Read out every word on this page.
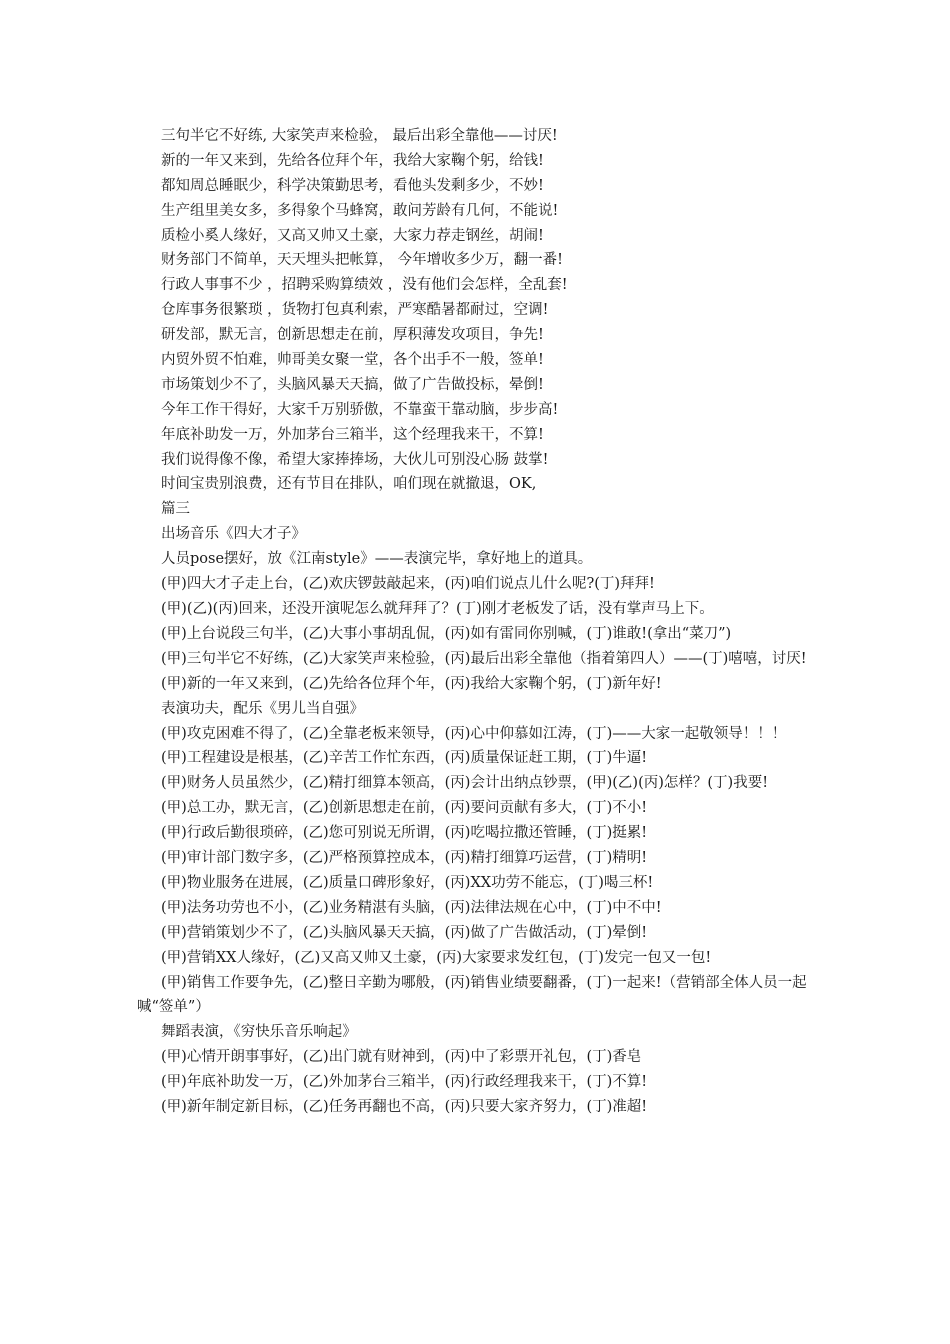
三句半它不好练, 大家笑声来检验， 最后出彩全靠他——讨厌!
新的一年又来到，先给各位拜个年，我给大家鞠个躬，给钱!
都知周总睡眠少，科学决策勤思考，看他头发剩多少，不妙!
生产组里美女多，多得象个马蜂窝，敢问芳龄有几何，不能说!
质检小奚人缘好，又高又帅又土豪，大家力荐走钢丝，胡闹!
财务部门不简单，天天埋头把帐算， 今年增收多少万，翻一番!
行政人事事不少 ，招聘采购算绩效 ，没有他们会怎样，全乱套!
仓库事务很繁琐 ，货物打包真利索，严寒酷暑都耐过，空调!
研发部，默无言，创新思想走在前，厚积薄发攻项目，争先!
内贸外贸不怕难，帅哥美女聚一堂，各个出手不一般，签单!
市场策划少不了，头脑风暴天天搞，做了广告做投标，晕倒!
今年工作干得好，大家千万别骄傲，不靠蛮干靠动脑，步步高!
年底补助发一万，外加茅台三箱半，这个经理我来干，不算!
我们说得像不像，希望大家捧捧场，大伙儿可别没心肠 鼓掌!
时间宝贵别浪费，还有节目在排队，咱们现在就撤退，OK,
篇三
出场音乐《四大才子》
人员pose摆好，放《江南style》——表演完毕，拿好地上的道具。
(甲)四大才子走上台，(乙)欢庆锣鼓敲起来，(丙)咱们说点儿什么呢?(丁)拜拜!
(甲)(乙)(丙)回来，还没开演呢怎么就拜拜了？(丁)刚才老板发了话，没有掌声马上下。
(甲)上台说段三句半，(乙)大事小事胡乱侃，(丙)如有雷同你别喊，(丁)谁敢!(拿出“菜刀”)
(甲)三句半它不好练，(乙)大家笑声来检验，(丙)最后出彩全靠他（指着第四人）——(丁)嘻嘻，讨厌!
(甲)新的一年又来到，(乙)先给各位拜个年，(丙)我给大家鞠个躬，(丁)新年好!
表演功夫，配乐《男儿当自强》
(甲)攻克困难不得了，(乙)全靠老板来领导，(丙)心中仰慕如江涛，(丁)——大家一起敬领导！！！
(甲)工程建设是根基，(乙)辛苦工作忙东西，(丙)质量保证赶工期，(丁)牛逼!
(甲)财务人员虽然少，(乙)精打细算本领高，(丙)会计出纳点钞票，(甲)(乙)(丙)怎样？(丁)我要!
(甲)总工办，默无言，(乙)创新思想走在前，(丙)要问贡献有多大，(丁)不小!
(甲)行政后勤很琐碎，(乙)您可别说无所谓，(丙)吃喝拉撒还管睡，(丁)挺累!
(甲)审计部门数字多，(乙)严格预算控成本，(丙)精打细算巧运营，(丁)精明!
(甲)物业服务在进展，(乙)质量口碑形象好，(丙)XX功劳不能忘，(丁)喝三杯!
(甲)法务功劳也不小，(乙)业务精湛有头脑，(丙)法律法规在心中，(丁)中不中!
(甲)营销策划少不了，(乙)头脑风暴天天搞，(丙)做了广告做活动，(丁)晕倒!
(甲)营销XX人缘好，(乙)又高又帅又土豪，(丙)大家要求发红包，(丁)发完一包又一包!
(甲)销售工作要争先，(乙)整日辛勤为哪般，(丙)销售业绩要翻番，(丁)一起来!（营销部全体人员一起喊“签单”）
舞蹈表演，《穷快乐音乐响起》
(甲)心情开朗事事好，(乙)出门就有财神到，(丙)中了彩票开礼包，(丁)香皂
(甲)年底补助发一万，(乙)外加茅台三箱半，(丙)行政经理我来干，(丁)不算!
(甲)新年制定新目标，(乙)任务再翻也不高，(丙)只要大家齐努力，(丁)准超!
